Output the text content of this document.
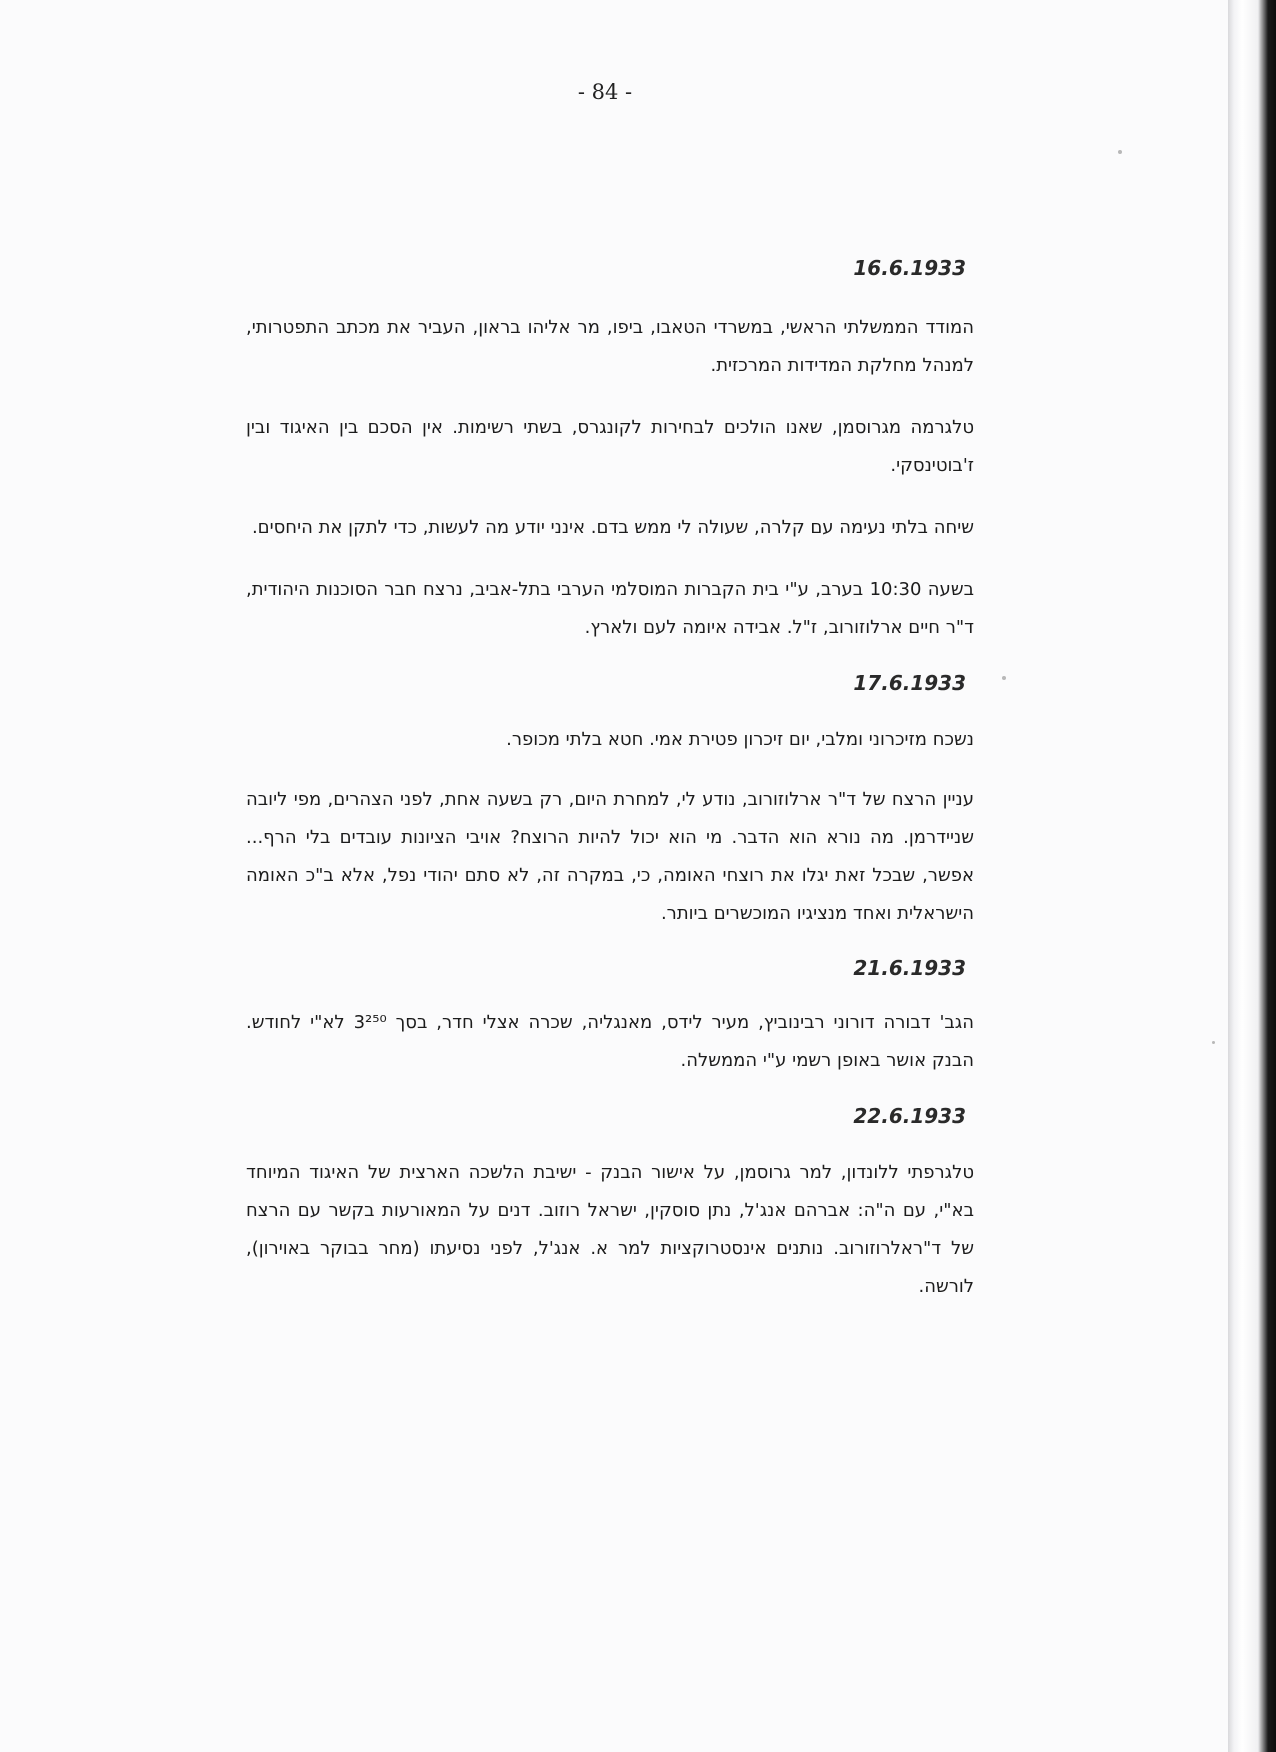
- 84 -
16.6.1933
המודד הממשלתי הראשי, במשרדי הטאבו, ביפו, מר אליהו בראון, העביר את מכתב התפטרותי, למנהל מחלקת המדידות המרכזית.
טלגרמה מגרוסמן, שאנו הולכים לבחירות לקונגרס, בשתי רשימות. אין הסכם בין האיגוד ובין ז'בוטינסקי.
שיחה בלתי נעימה עם קלרה, שעולה לי ממש בדם. אינני יודע מה לעשות, כדי לתקן את היחסים.
בשעה 10:30 בערב, ע"י בית הקברות המוסלמי הערבי בתל-אביב, נרצח חבר הסוכנות היהודית, ד"ר חיים ארלוזורוב, ז"ל. אבידה איומה לעם ולארץ.
17.6.1933
נשכח מזיכרוני ומלבי, יום זיכרון פטירת אמי. חטא בלתי מכופר.
עניין הרצח של ד"ר ארלוזורוב, נודע לי, למחרת היום, רק בשעה אחת, לפני הצהרים, מפי ליובה שניידרמן. מה נורא הוא הדבר. מי הוא יכול להיות הרוצח? אויבי הציונות עובדים בלי הרף... אפשר, שבכל זאת יגלו את רוצחי האומה, כי, במקרה זה, לא סתם יהודי נפל, אלא ב"כ האומה הישראלית ואחד מנציגיו המוכשרים ביותר.
21.6.1933
הגב' דבורה דורוני רבינוביץ, מעיר לידס, מאנגליה, שכרה אצלי חדר, בסך 3²⁵⁰ לא"י לחודש. הבנק אושר באופן רשמי ע"י הממשלה.
22.6.1933
טלגרפתי ללונדון, למר גרוסמן, על אישור הבנק - ישיבת הלשכה הארצית של האיגוד המיוחד בא"י, עם ה"ה: אברהם אנג'ל, נתן סוסקין, ישראל רוזוב. דנים על המאורעות בקשר עם הרצח של ד"ראלרוזורוב. נותנים אינסטרוקציות למר א. אנג'ל, לפני נסיעתו (מחר בבוקר באוירון), לורשה.
